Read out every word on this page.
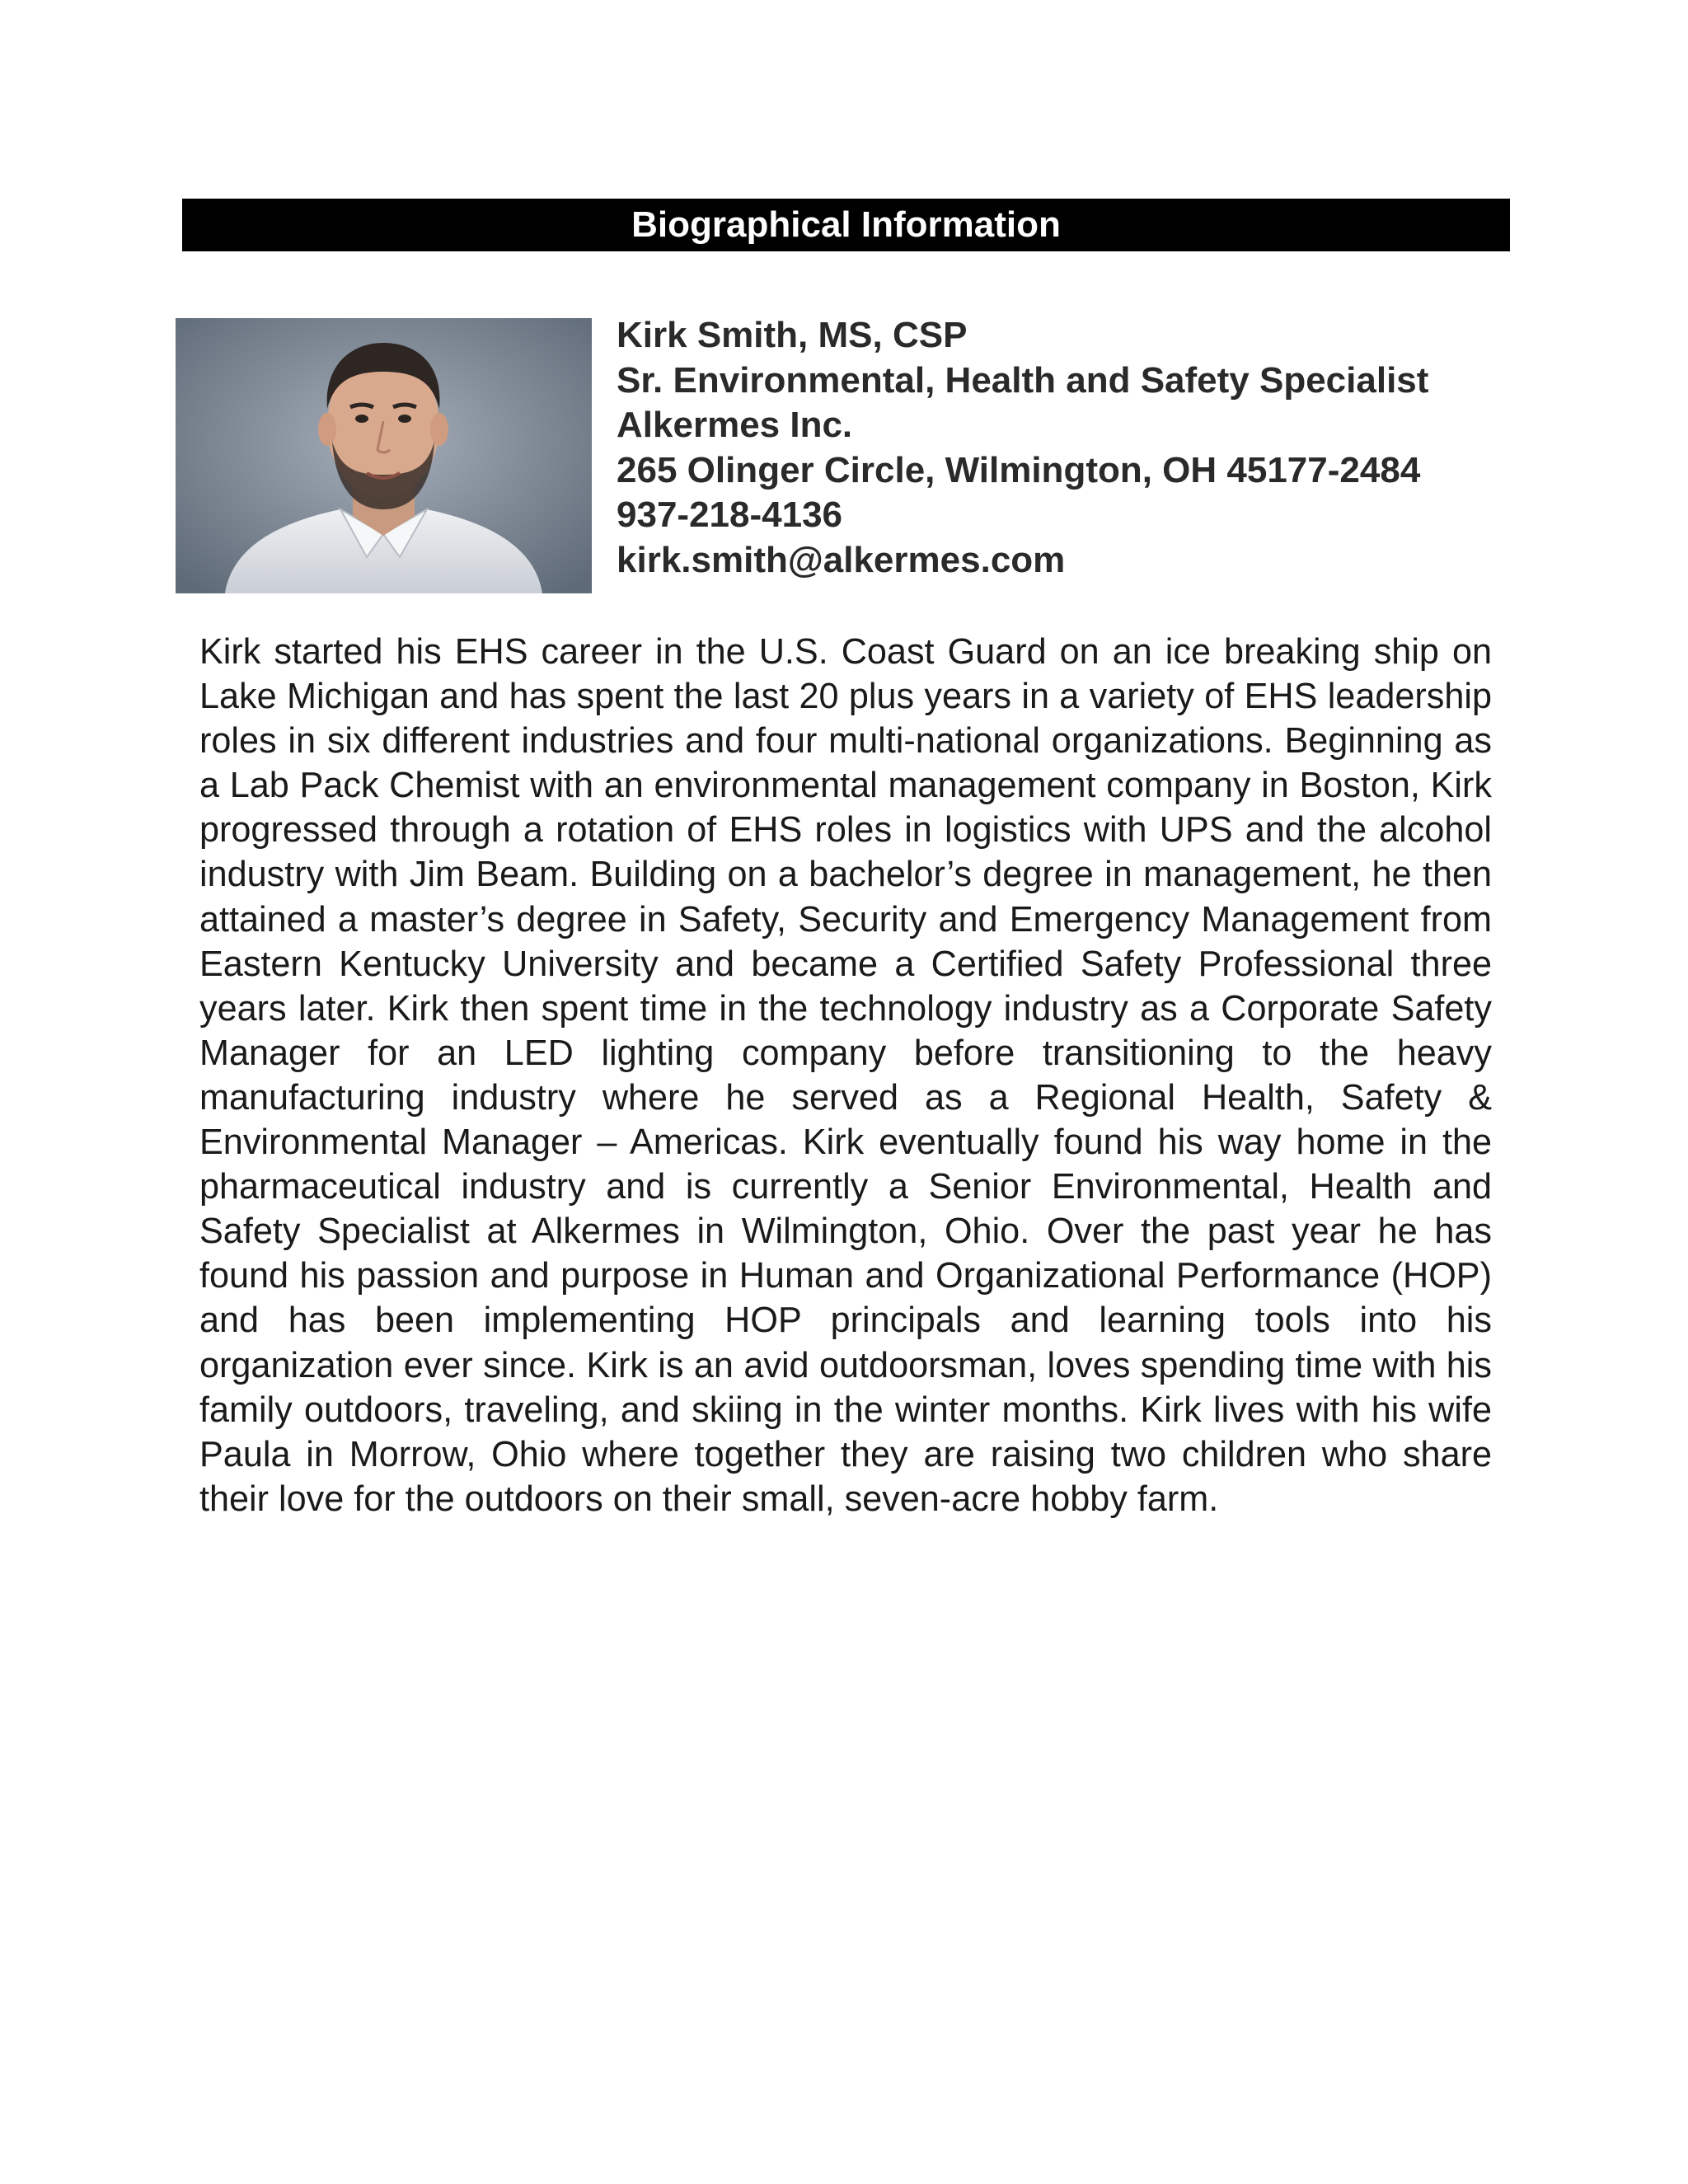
Biographical Information
Kirk Smith, MS, CSP
Sr. Environmental, Health and Safety Specialist
Alkermes Inc.
265 Olinger Circle, Wilmington, OH 45177-2484
937-218-4136
kirk.smith@alkermes.com

Kirk started his EHS career in the U.S. Coast Guard on an ice breaking ship on Lake Michigan and has spent the last 20 plus years in a variety of EHS leadership roles in six different industries and four multi-national organizations. Beginning as a Lab Pack Chemist with an environmental management company in Boston, Kirk progressed through a rotation of EHS roles in logistics with UPS and the alcohol industry with Jim Beam. Building on a bachelor’s degree in management, he then attained a master’s degree in Safety, Security and Emergency Management from Eastern Kentucky University and became a Certified Safety Professional three years later. Kirk then spent time in the technology industry as a Corporate Safety Manager for an LED lighting company before transitioning to the heavy manufacturing industry where he served as a Regional Health, Safety & Environmental Manager – Americas. Kirk eventually found his way home in the pharmaceutical industry and is currently a Senior Environmental, Health and Safety Specialist at Alkermes in Wilmington, Ohio. Over the past year he has found his passion and purpose in Human and Organizational Performance (HOP) and has been implementing HOP principals and learning tools into his organization ever since. Kirk is an avid outdoorsman, loves spending time with his family outdoors, traveling, and skiing in the winter months. Kirk lives with his wife Paula in Morrow, Ohio where together they are raising two children who share their love for the outdoors on their small, seven-acre hobby farm.
